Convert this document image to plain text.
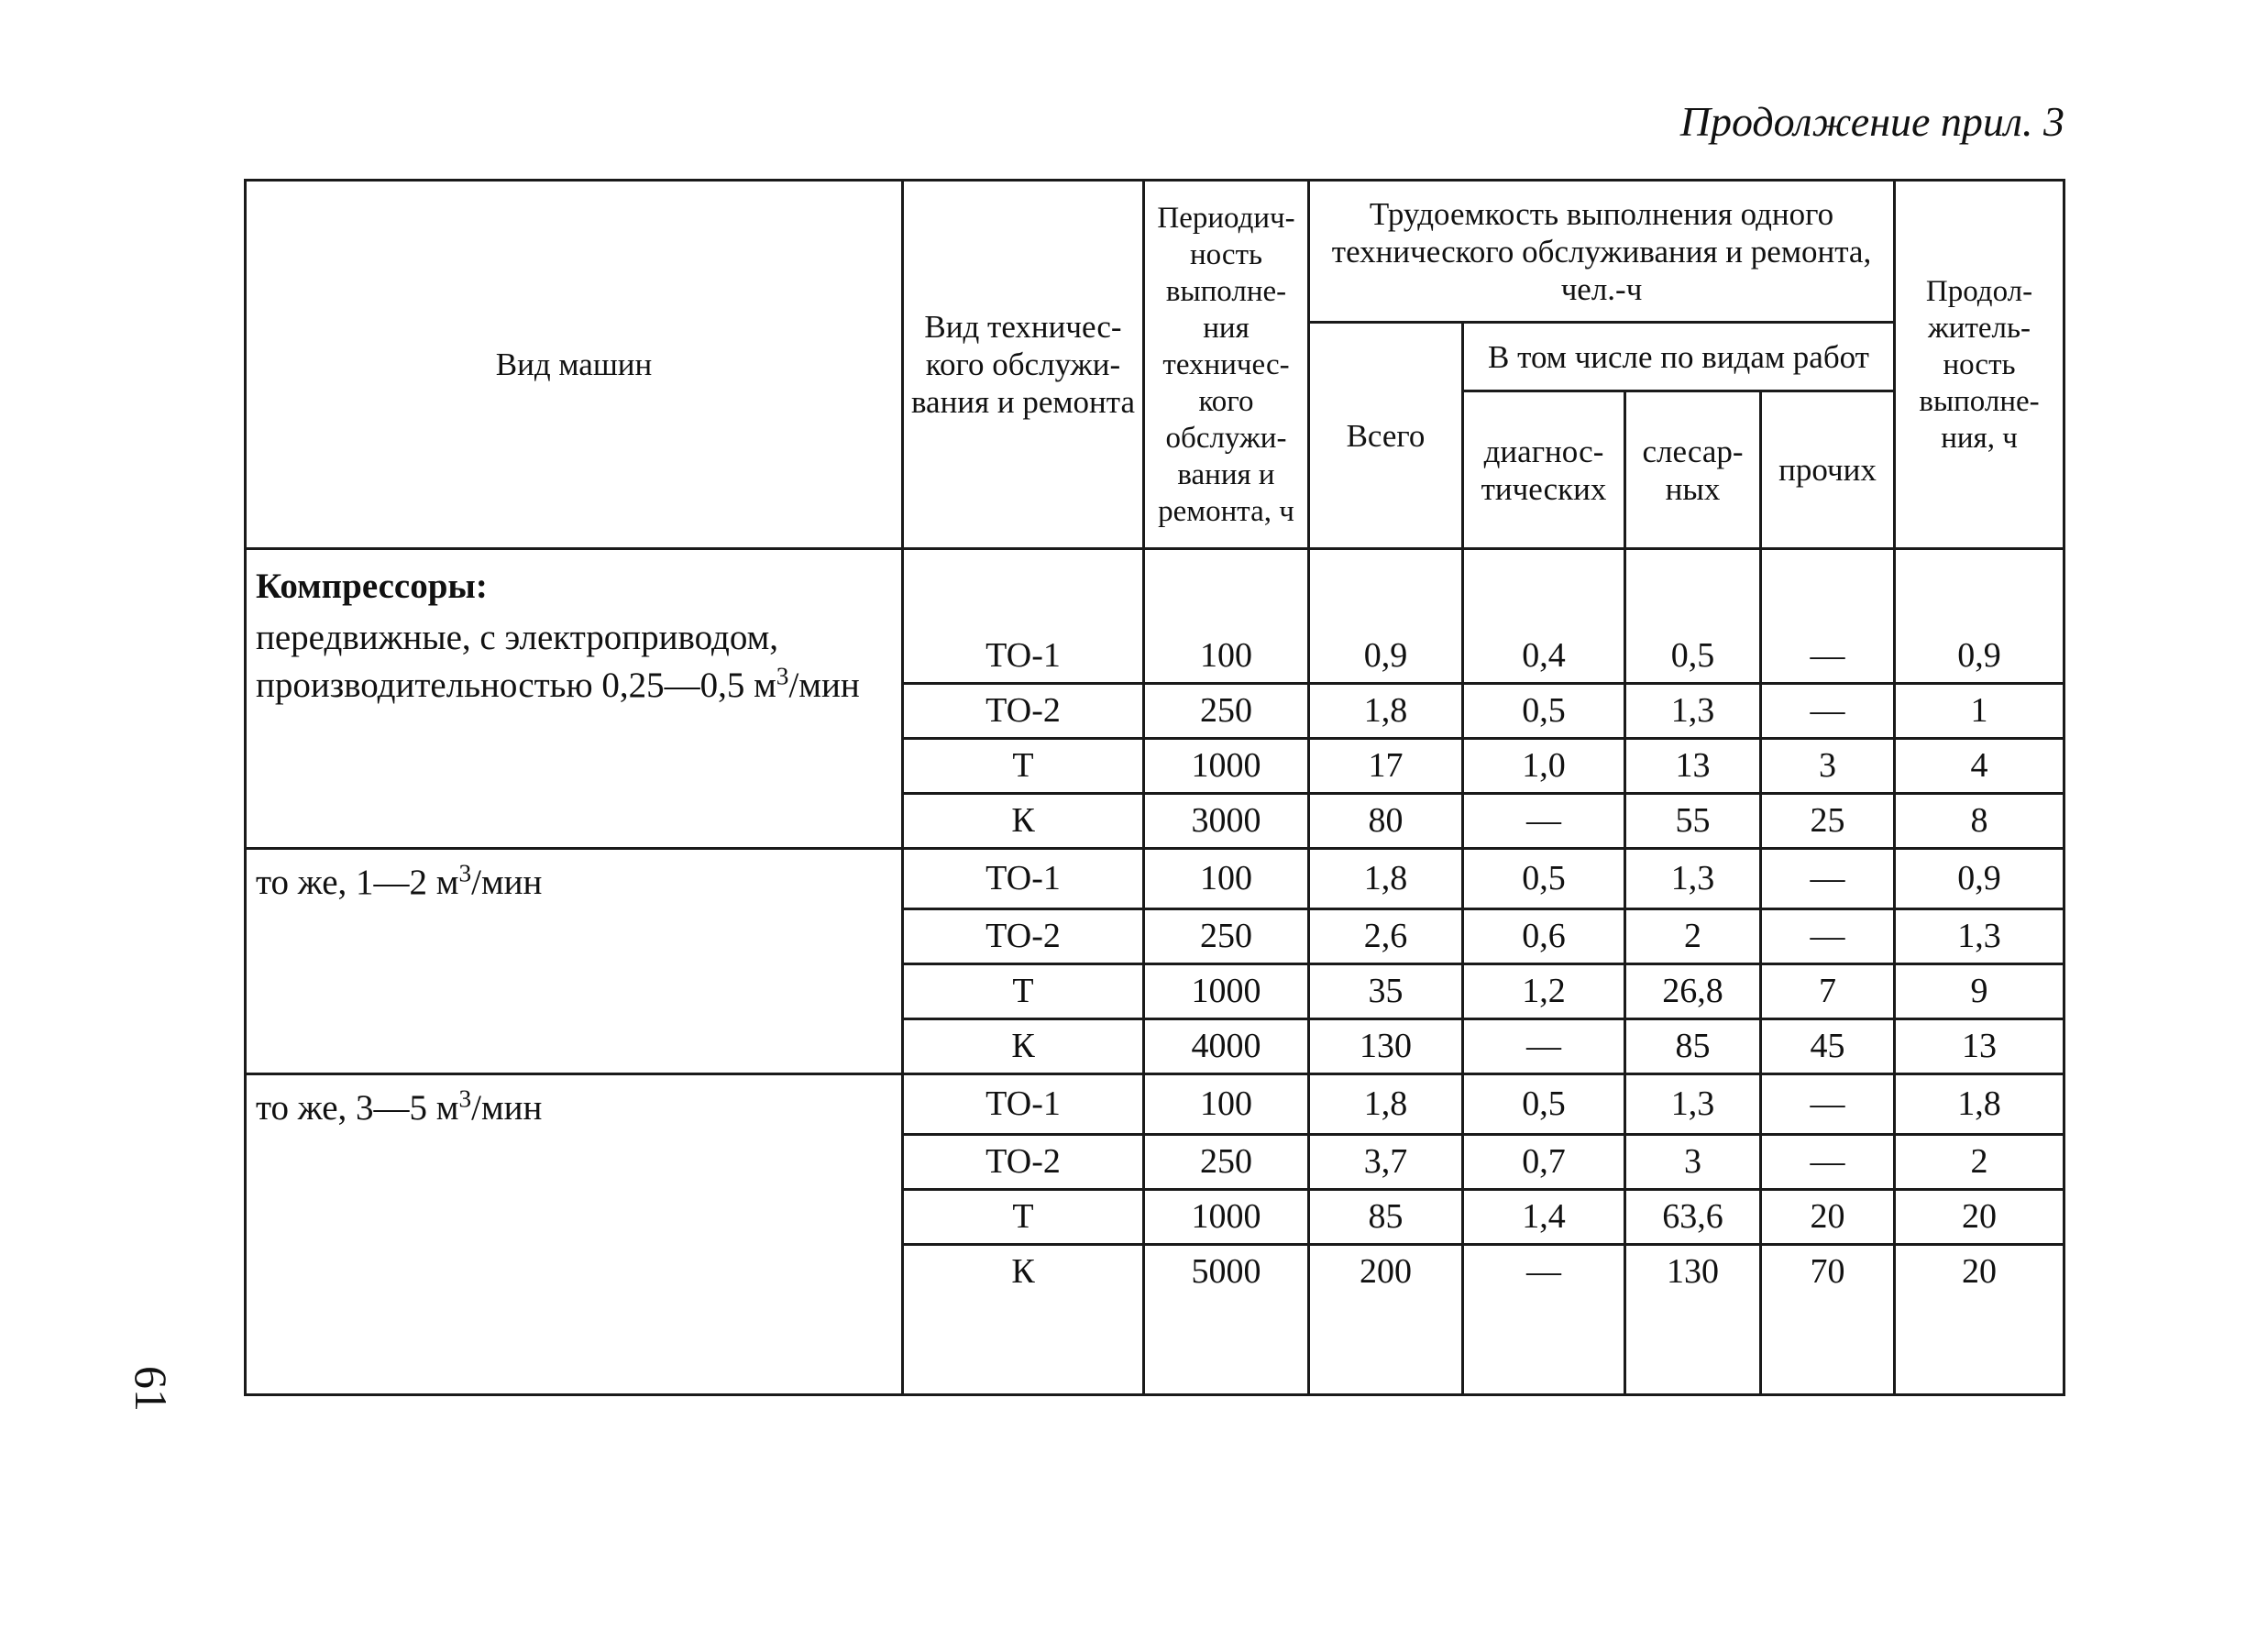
Продолжение прил. 3
61
Вид машин	Вид техничес-кого обслужи-вания и ремонта	Периодич-ность выполне-ния техничес-кого обслужи-вания и ремонта, ч	Трудоемкость выполнения одного технического обслуживания и ремонта, чел.-ч				Продол-житель-ность выполне-ния, ч
			Всего	В том числе по видам работ			
				диагнос-тических	слесар-ных	прочих	

Компрессоры:
передвижные, с электроприводом, производительностью 0,25—0,5 $м^3$/мин							
	ТО-1	100	0,9	0,4	0,5	—	0,9
	ТО-2	250	1,8	0,5	1,3	—	1
	Т	1000	17	1,0	13	3	4
	К	3000	80	—	55	25	8
то же, 1—2 $м^3$/мин	ТО-1	100	1,8	0,5	1,3	—	0,9
	ТО-2	250	2,6	0,6	2	—	1,3
	Т	1000	35	1,2	26,8	7	9
	К	4000	130	—	85	45	13
то же, 3—5 $м^3$/мин	ТО-1	100	1,8	0,5	1,3	—	1,8
	ТО-2	250	3,7	0,7	3	—	2
	Т	1000	85	1,4	63,6	20	20
	К	5000	200	—	130	70	20
